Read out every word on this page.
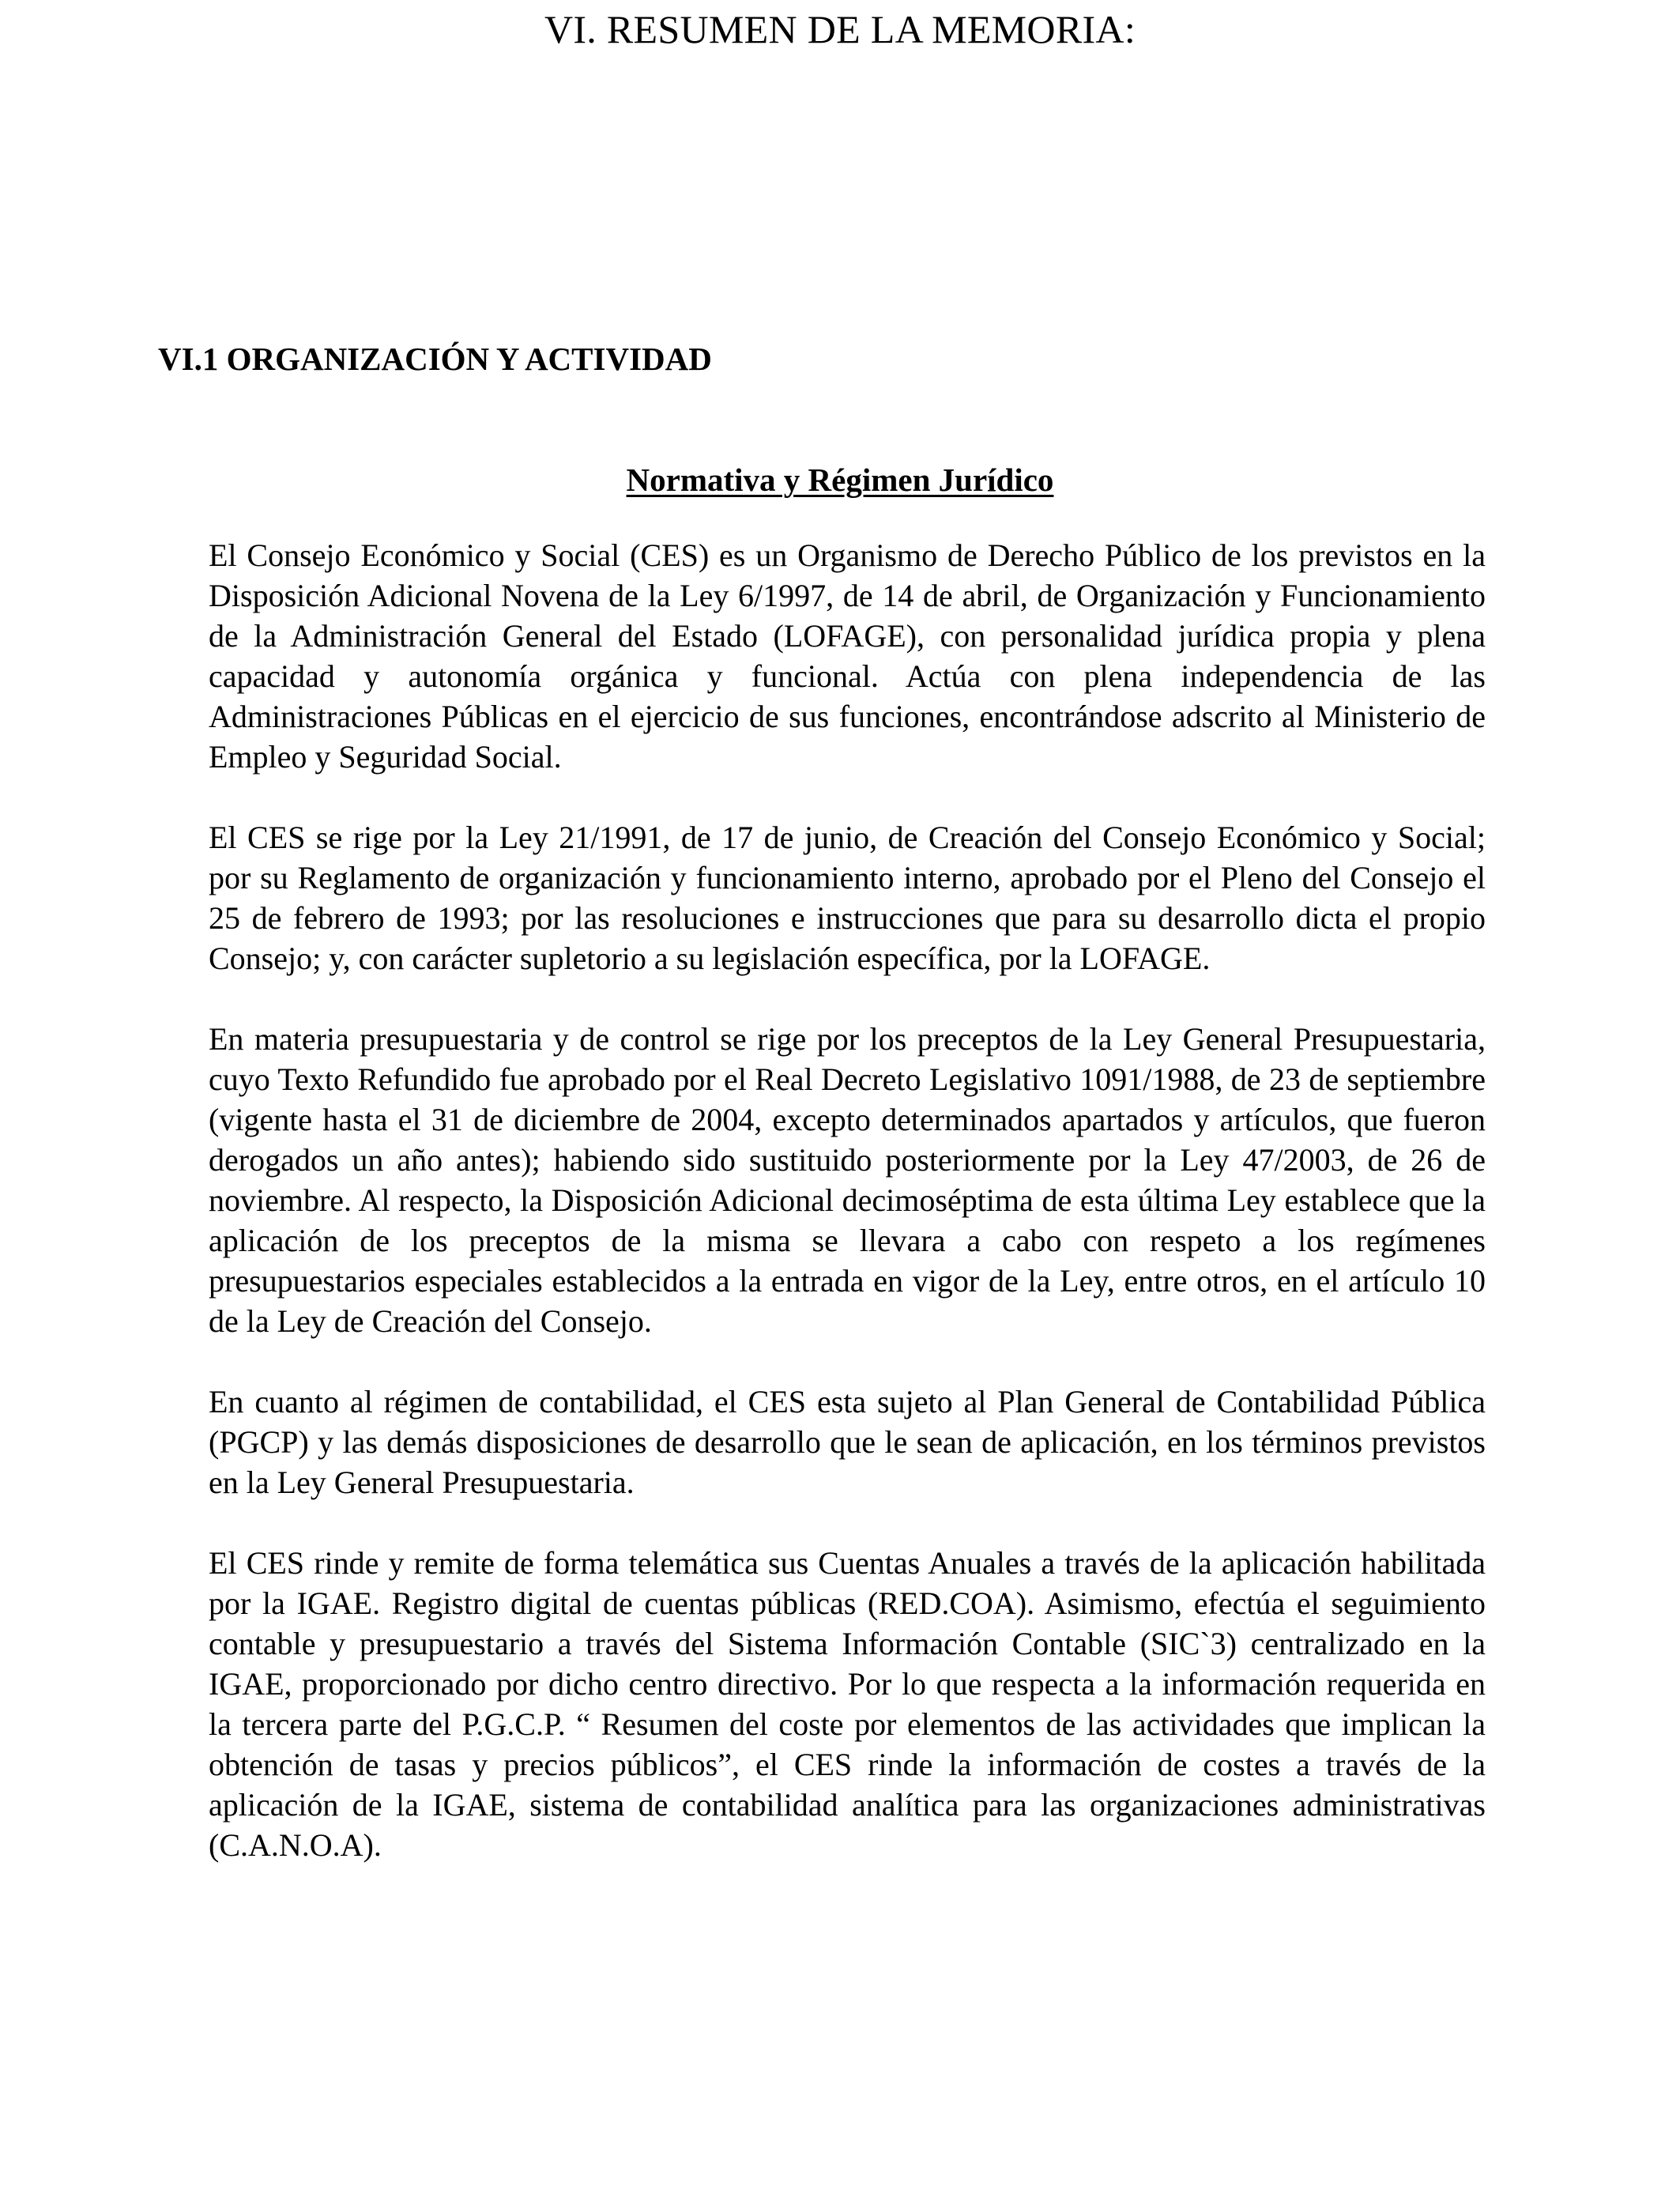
VI. RESUMEN DE LA MEMORIA:
VI.1 ORGANIZACIÓN Y ACTIVIDAD
Normativa y Régimen Jurídico

El Consejo Económico y Social (CES) es un Organismo de Derecho Público de los previstos en la Disposición Adicional Novena de la Ley 6/1997, de 14 de abril, de Organización y Funcionamiento de la Administración General del Estado (LOFAGE), con personalidad jurídica propia y plena capacidad y autonomía orgánica y funcional. Actúa con plena independencia de las Administraciones Públicas en el ejercicio de sus funciones, encontrándose adscrito al Ministerio de Empleo y Seguridad Social.

El CES se rige por la Ley 21/1991, de 17 de junio, de Creación del Consejo Económico y Social; por su Reglamento de organización y funcionamiento interno, aprobado por el Pleno del Consejo el 25 de febrero de 1993; por las resoluciones e instrucciones que para su desarrollo dicta el propio Consejo; y, con carácter supletorio a su legislación específica, por la LOFAGE.

En materia presupuestaria y de control se rige por los preceptos de la Ley General Presupuestaria, cuyo Texto Refundido fue aprobado por el Real Decreto Legislativo 1091/1988, de 23 de septiembre (vigente hasta el 31 de diciembre de 2004, excepto determinados apartados y artículos, que fueron derogados un año antes); habiendo sido sustituido posteriormente por la Ley 47/2003, de 26 de noviembre. Al respecto, la Disposición Adicional decimoséptima de esta última Ley establece que la aplicación de los preceptos de la misma se llevara a cabo con respeto a los regímenes presupuestarios especiales establecidos a la entrada en vigor de la Ley, entre otros, en el artículo 10 de la Ley de Creación del Consejo.

En cuanto al régimen de contabilidad, el CES esta sujeto al Plan General de Contabilidad Pública (PGCP) y las demás disposiciones de desarrollo que le sean de aplicación, en los términos previstos en la Ley General Presupuestaria.

El CES rinde y remite de forma telemática sus Cuentas Anuales a través de la aplicación habilitada por la IGAE. Registro digital de cuentas públicas (RED.COA). Asimismo, efectúa el seguimiento contable y presupuestario a través del Sistema Información Contable (SIC`3) centralizado en la IGAE, proporcionado por dicho centro directivo. Por lo que respecta a la información requerida en la tercera parte del P.G.C.P. “ Resumen del coste por elementos de las actividades que implican la obtención de tasas y precios públicos”, el CES rinde la información de costes a través de la aplicación de la IGAE, sistema de contabilidad analítica para las organizaciones administrativas (C.A.N.O.A).
